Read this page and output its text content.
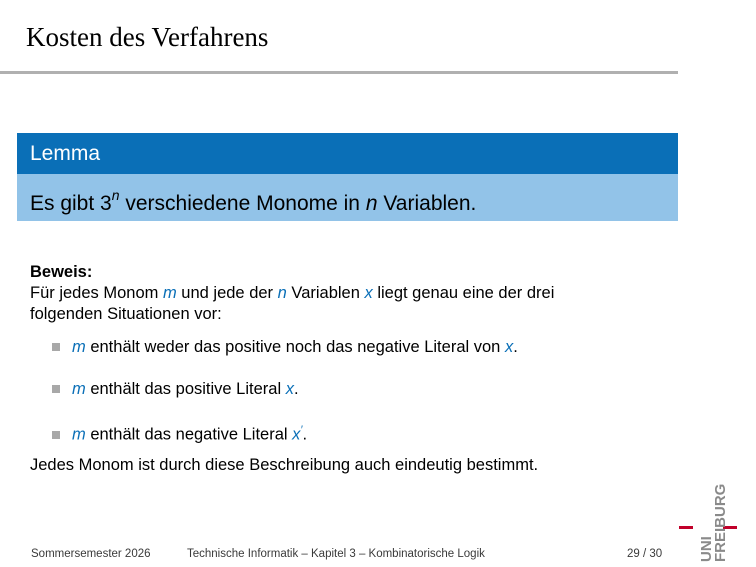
Kosten des Verfahrens
Lemma
Es gibt 3$^n$ verschiedene Monome in n Variablen.
Beweis:
Für jedes Monom m und jede der n Variablen x liegt genau eine der drei
folgenden Situationen vor:
m enthält weder das positive noch das negative Literal von x.
m enthält das positive Literal x.
m enthält das negative Literal x′.
Jedes Monom ist durch diese Beschreibung auch eindeutig bestimmt.
Sommersemester 2026	Technische Informatik – Kapitel 3 – Kombinatorische Logik	29 / 30 UNI
FREIBURG
